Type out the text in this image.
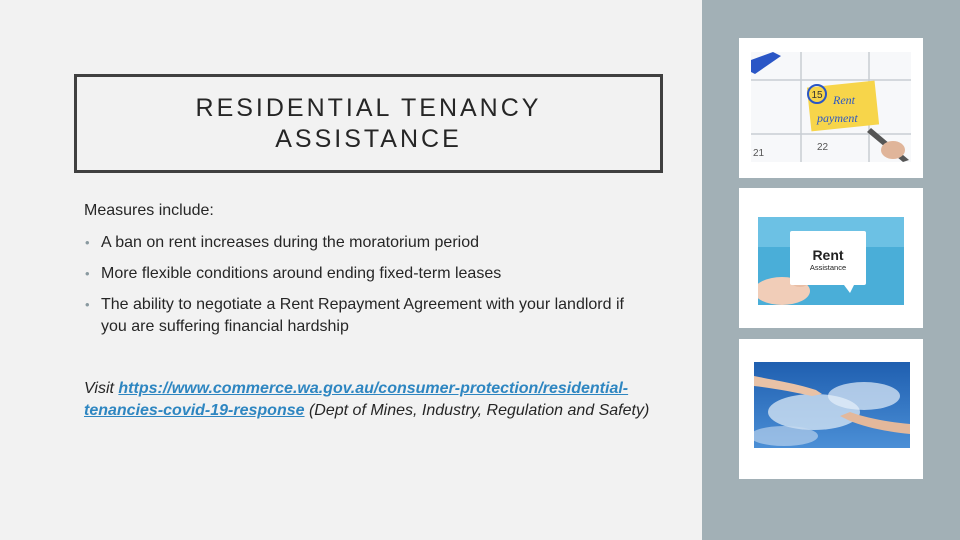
RESIDENTIAL TENANCY ASSISTANCE
Measures include:
• A ban on rent increases during the moratorium period
• More flexible conditions around ending fixed-term leases
• The ability to negotiate a Rent Repayment Agreement with your landlord if you are suffering financial hardship
Visit https://www.commerce.wa.gov.au/consumer-protection/residential-tenancies-covid-19-response (Dept of Mines, Industry, Regulation and Safety)
15 Rent
payment
22
21
Rent
Assistance
